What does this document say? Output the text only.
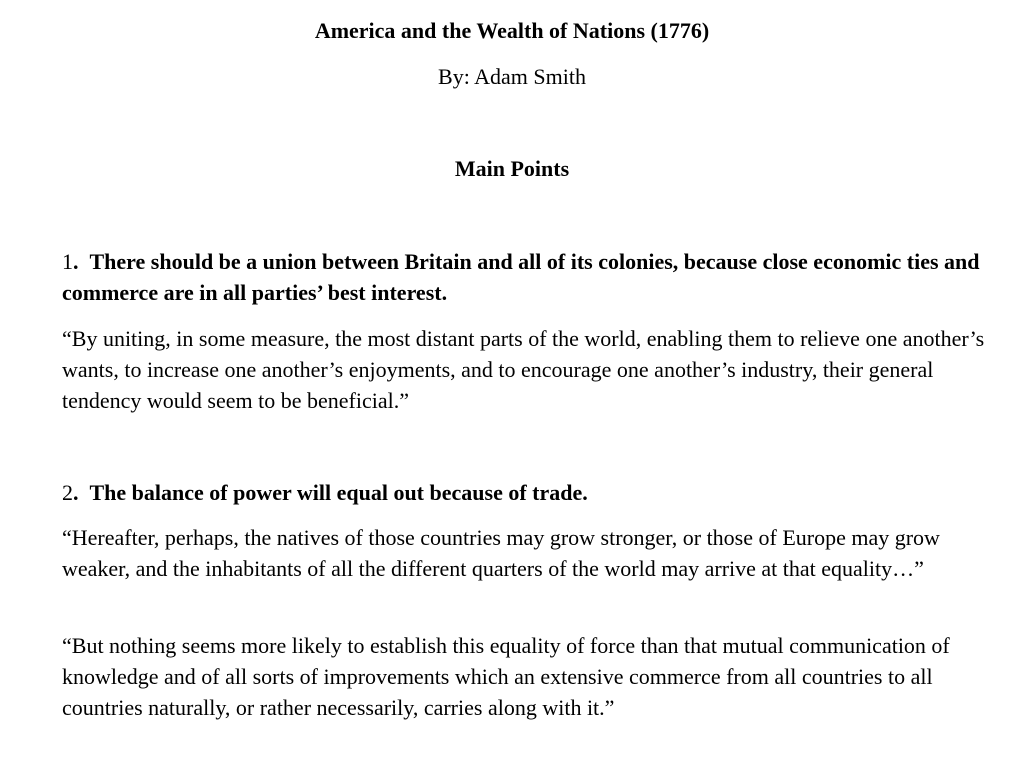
America and the Wealth of Nations (1776)
By: Adam Smith
Main Points

1. There should be a union between Britain and all of its colonies, because close economic ties and commerce are in all parties’ best interest.

“By uniting, in some measure, the most distant parts of the world, enabling them to relieve one another’s wants, to increase one another’s enjoyments, and to encourage one another’s industry, their general tendency would seem to be beneficial.”

2. The balance of power will equal out because of trade.

“Hereafter, perhaps, the natives of those countries may grow stronger, or those of Europe may grow weaker, and the inhabitants of all the different quarters of the world may arrive at that equality…”

“But nothing seems more likely to establish this equality of force than that mutual communication of knowledge and of all sorts of improvements which an extensive commerce from all countries to all countries naturally, or rather necessarily, carries along with it.”
